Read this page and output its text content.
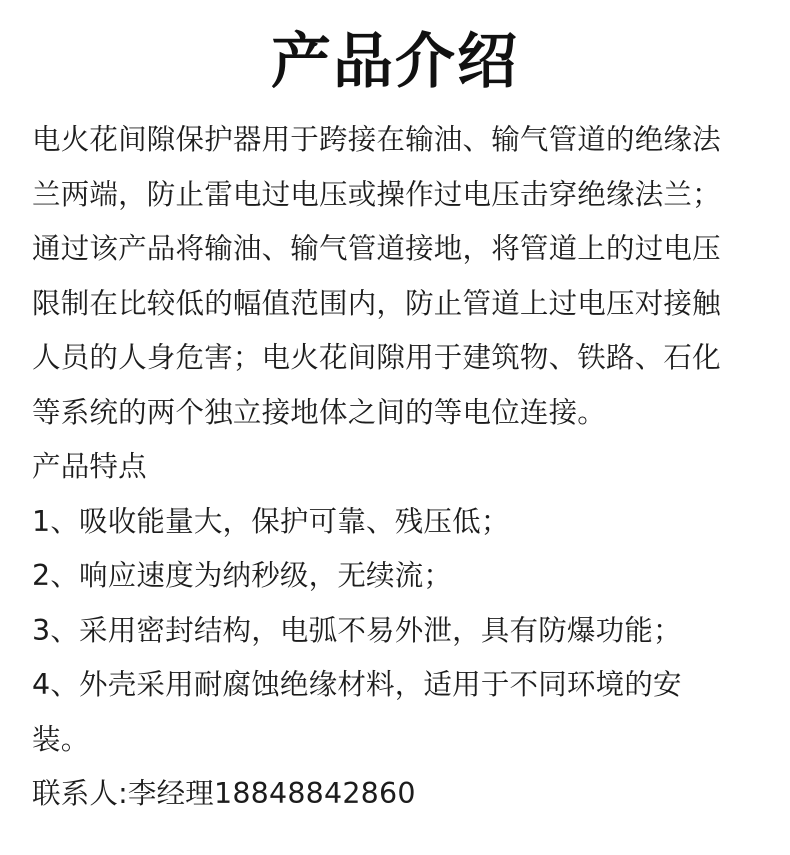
产品介绍
电火花间隙保护器用于跨接在输油、输气管道的绝缘法
兰两端，防止雷电过电压或操作过电压击穿绝缘法兰；
通过该产品将输油、输气管道接地，将管道上的过电压
限制在比较低的幅值范围内，防止管道上过电压对接触
人员的人身危害；电火花间隙用于建筑物、铁路、石化
等系统的两个独立接地体之间的等电位连接。
产品特点
1、吸收能量大，保护可靠、残压低；
2、响应速度为纳秒级，无续流；
3、采用密封结构，电弧不易外泄，具有防爆功能；
4、外壳采用耐腐蚀绝缘材料，适用于不同环境的安
装。
联系人:李经理18848842860
